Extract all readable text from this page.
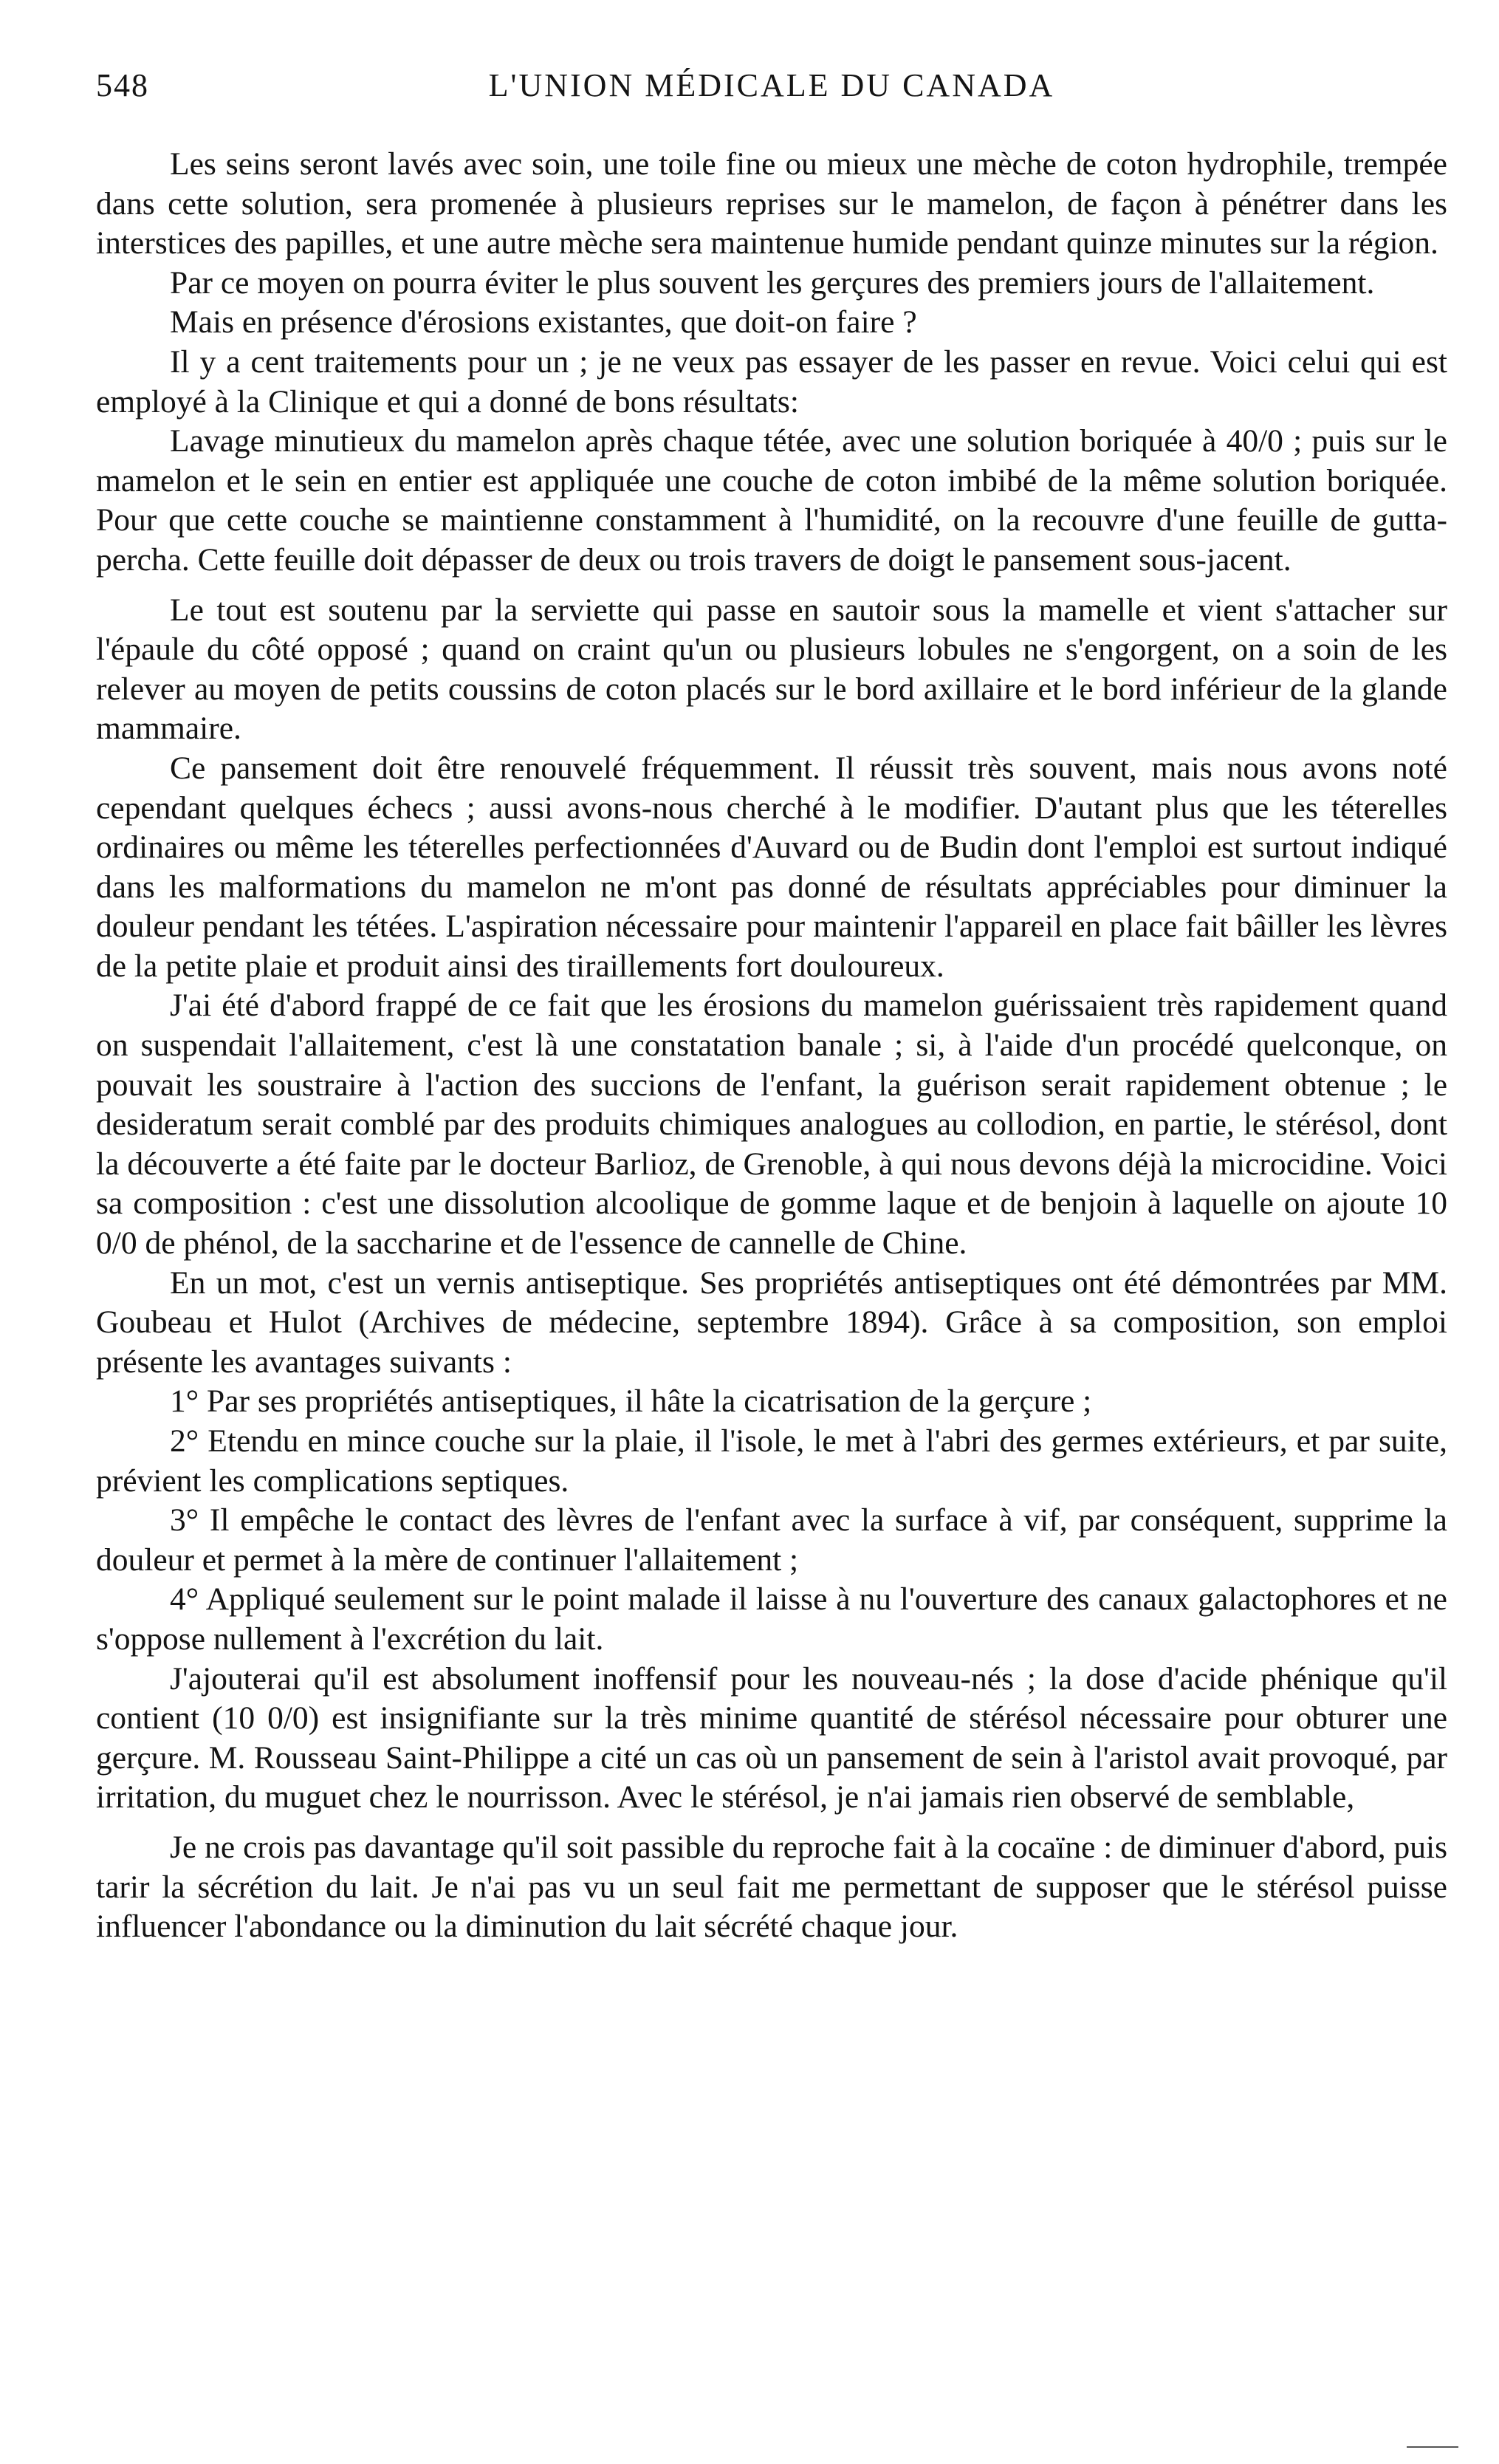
548	L'UNION MÉDICALE DU CANADA

Les seins seront lavés avec soin, une toile fine ou mieux une mèche de coton hydrophile, trempée dans cette solution, sera promenée à plusieurs reprises sur le mamelon, de façon à pénétrer dans les interstices des papilles, et une autre mèche sera maintenue humide pendant quinze minutes sur la région.

Par ce moyen on pourra éviter le plus souvent les gerçures des premiers jours de l'allaitement.

Mais en présence d'érosions existantes, que doit-on faire ?

Il y a cent traitements pour un ; je ne veux pas essayer de les passer en revue. Voici celui qui est employé à la Clinique et qui a donné de bons résultats:

Lavage minutieux du mamelon après chaque tétée, avec une solution boriquée à 40/0 ; puis sur le mamelon et le sein en entier est appliquée une couche de coton imbibé de la même solution boriquée. Pour que cette couche se maintienne constamment à l'humidité, on la recouvre d'une feuille de gutta-percha. Cette feuille doit dépasser de deux ou trois travers de doigt le pansement sous-jacent.

Le tout est soutenu par la serviette qui passe en sautoir sous la mamelle et vient s'attacher sur l'épaule du côté opposé ; quand on craint qu'un ou plusieurs lobules ne s'engorgent, on a soin de les relever au moyen de petits coussins de coton placés sur le bord axillaire et le bord inférieur de la glande mammaire.

Ce pansement doit être renouvelé fréquemment. Il réussit très souvent, mais nous avons noté cependant quelques échecs ; aussi avons-nous cherché à le modifier. D'autant plus que les téterelles ordinaires ou même les téterelles perfectionnées d'Auvard ou de Budin dont l'emploi est surtout indiqué dans les malformations du mamelon ne m'ont pas donné de résultats appréciables pour diminuer la douleur pendant les tétées. L'aspiration nécessaire pour maintenir l'appareil en place fait bâiller les lèvres de la petite plaie et produit ainsi des tiraillements fort douloureux.

J'ai été d'abord frappé de ce fait que les érosions du mamelon guérissaient très rapidement quand on suspendait l'allaitement, c'est là une constatation banale ; si, à l'aide d'un procédé quelconque, on pouvait les soustraire à l'action des succions de l'enfant, la guérison serait rapidement obtenue ; le desideratum serait comblé par des produits chimiques analogues au collodion, en partie, le stérésol, dont la découverte a été faite par le docteur Barlioz, de Grenoble, à qui nous devons déjà la microcidine. Voici sa composition : c'est une dissolution alcoolique de gomme laque et de benjoin à laquelle on ajoute 10 0/0 de phénol, de la saccharine et de l'essence de cannelle de Chine.

En un mot, c'est un vernis antiseptique. Ses propriétés antiseptiques ont été démontrées par MM. Goubeau et Hulot (Archives de médecine, septembre 1894). Grâce à sa composition, son emploi présente les avantages suivants :

1° Par ses propriétés antiseptiques, il hâte la cicatrisation de la gerçure ;

2° Etendu en mince couche sur la plaie, il l'isole, le met à l'abri des germes extérieurs, et par suite, prévient les complications septiques.

3° Il empêche le contact des lèvres de l'enfant avec la surface à vif, par conséquent, supprime la douleur et permet à la mère de continuer l'allaitement ;

4° Appliqué seulement sur le point malade il laisse à nu l'ouverture des canaux galactophores et ne s'oppose nullement à l'excrétion du lait.

J'ajouterai qu'il est absolument inoffensif pour les nouveau-nés ; la dose d'acide phénique qu'il contient (10 0/0) est insignifiante sur la très minime quantité de stérésol nécessaire pour obturer une gerçure. M. Rousseau Saint-Philippe a cité un cas où un pansement de sein à l'aristol avait provoqué, par irritation, du muguet chez le nourrisson. Avec le stérésol, je n'ai jamais rien observé de semblable,

Je ne crois pas davantage qu'il soit passible du reproche fait à la cocaïne : de diminuer d'abord, puis tarir la sécrétion du lait. Je n'ai pas vu un seul fait me permettant de supposer que le stérésol puisse influencer l'abondance ou la diminution du lait sécrété chaque jour.
